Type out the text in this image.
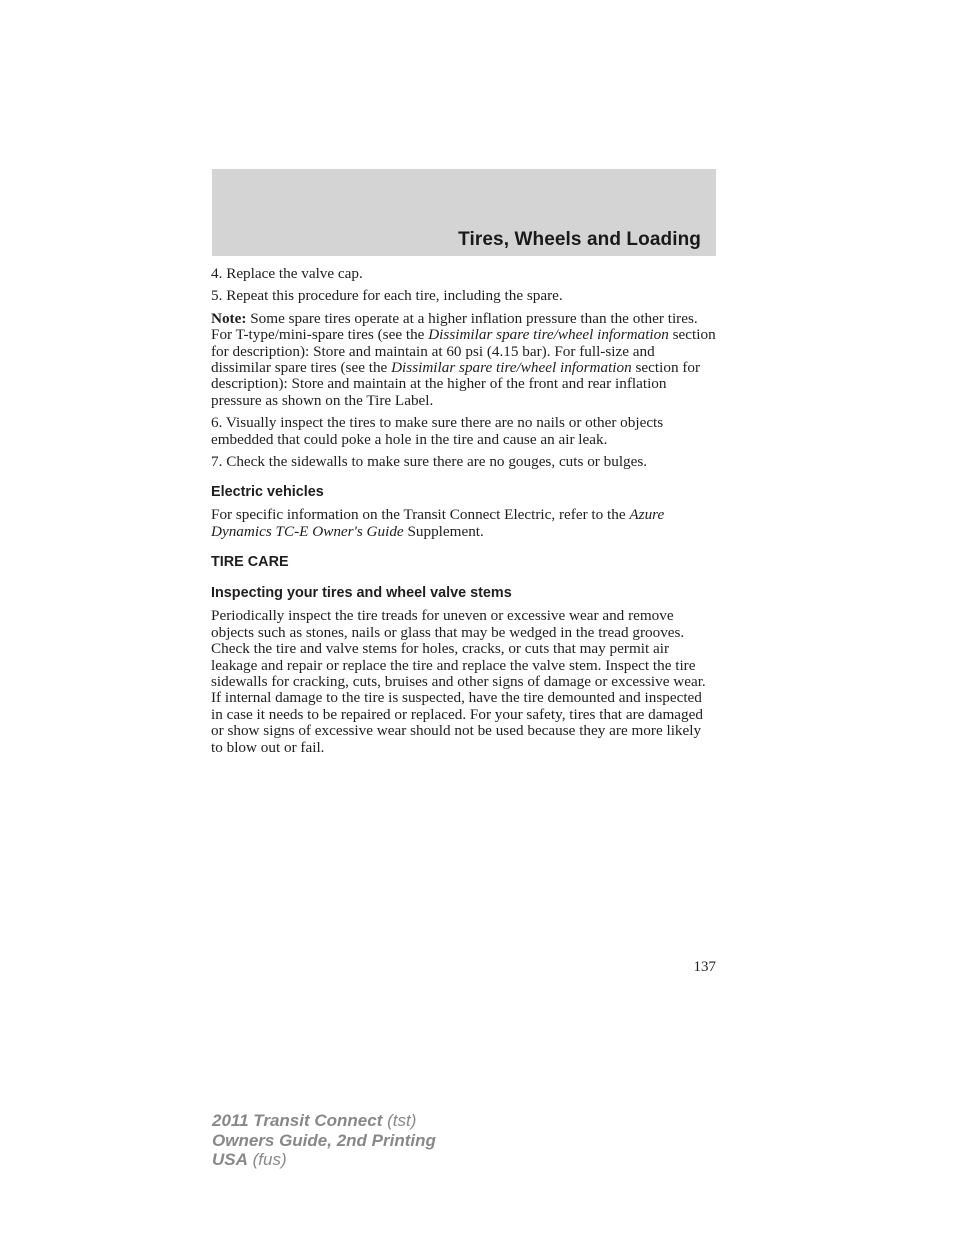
Tires, Wheels and Loading

4. Replace the valve cap.

5. Repeat this procedure for each tire, including the spare.

Note: Some spare tires operate at a higher inflation pressure than the other tires. For T-type/mini-spare tires (see the Dissimilar spare tire/wheel information section for description): Store and maintain at 60 psi (4.15 bar). For full-size and dissimilar spare tires (see the Dissimilar spare tire/wheel information section for description): Store and maintain at the higher of the front and rear inflation pressure as shown on the Tire Label.

6. Visually inspect the tires to make sure there are no nails or other objects embedded that could poke a hole in the tire and cause an air leak.

7. Check the sidewalls to make sure there are no gouges, cuts or bulges.

Electric vehicles

For specific information on the Transit Connect Electric, refer to the Azure Dynamics TC-E Owner's Guide Supplement.

TIRE CARE
Inspecting your tires and wheel valve stems

Periodically inspect the tire treads for uneven or excessive wear and remove objects such as stones, nails or glass that may be wedged in the tread grooves. Check the tire and valve stems for holes, cracks, or cuts that may permit air leakage and repair or replace the tire and replace the valve stem. Inspect the tire sidewalls for cracking, cuts, bruises and other signs of damage or excessive wear. If internal damage to the tire is suspected, have the tire demounted and inspected in case it needs to be repaired or replaced. For your safety, tires that are damaged or show signs of excessive wear should not be used because they are more likely to blow out or fail.

137
2011 Transit Connect (tst)
Owners Guide, 2nd Printing
USA (fus)
